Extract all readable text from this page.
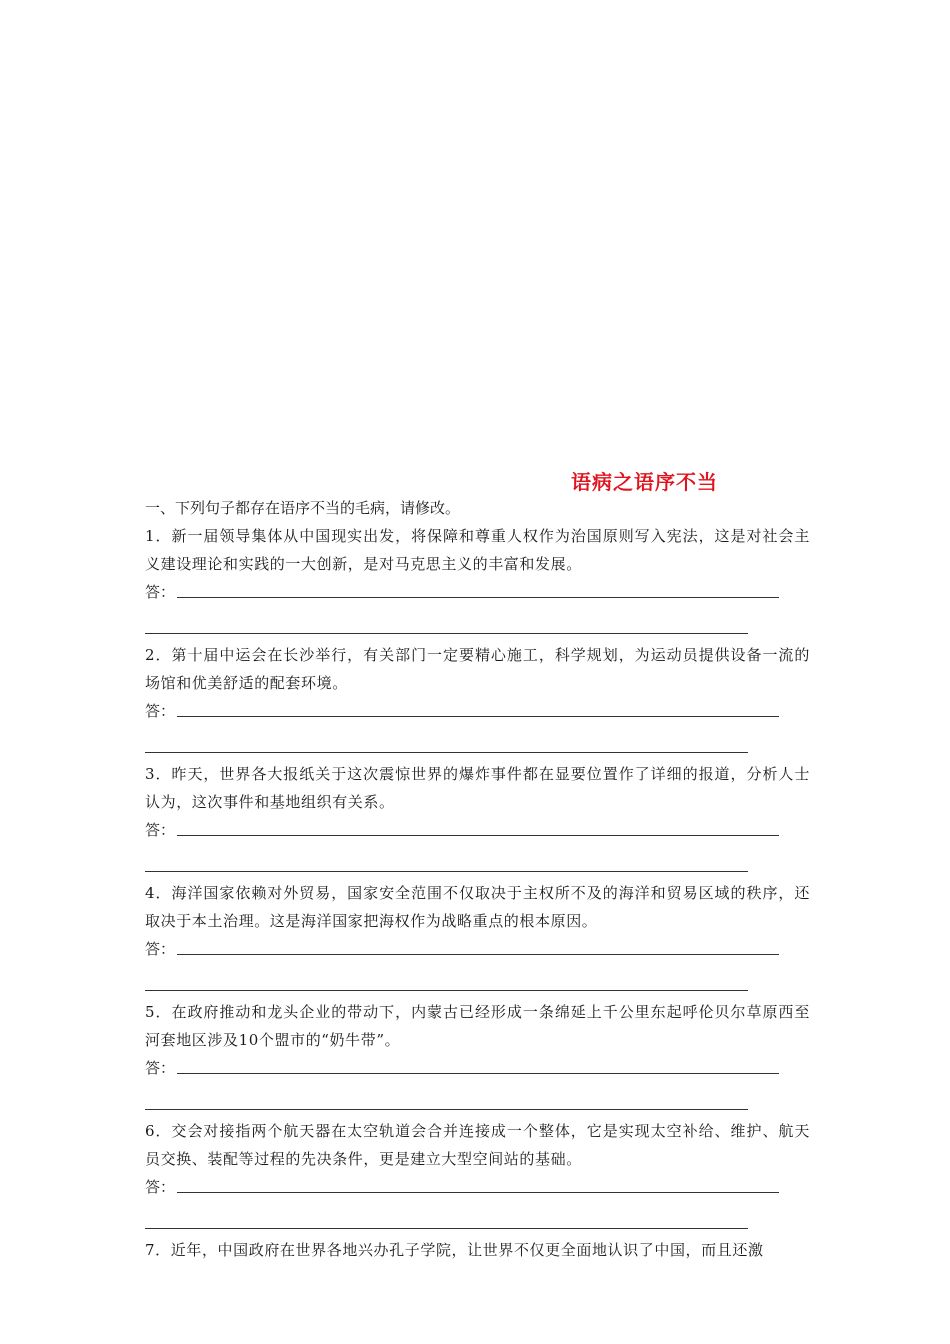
语病之语序不当

一、下列句子都存在语序不当的毛病，请修改。

1．新一届领导集体从中国现实出发，将保障和尊重人权作为治国原则写入宪法，这是对社会主义建设理论和实践的一大创新，是对马克思主义的丰富和发展。

答：

2．第十届中运会在长沙举行，有关部门一定要精心施工，科学规划，为运动员提供设备一流的场馆和优美舒适的配套环境。

答：

3．昨天，世界各大报纸关于这次震惊世界的爆炸事件都在显要位置作了详细的报道，分析人士认为，这次事件和基地组织有关系。

答：

4．海洋国家依赖对外贸易，国家安全范围不仅取决于主权所不及的海洋和贸易区域的秩序，还取决于本土治理。这是海洋国家把海权作为战略重点的根本原因。

答：

5．在政府推动和龙头企业的带动下，内蒙古已经形成一条绵延上千公里东起呼伦贝尔草原西至河套地区涉及10个盟市的“奶牛带”。

答：

6．交会对接指两个航天器在太空轨道会合并连接成一个整体，它是实现太空补给、维护、航天员交换、装配等过程的先决条件，更是建立大型空间站的基础。

答：

7．近年，中国政府在世界各地兴办孔子学院，让世界不仅更全面地认识了中国，而且还激
